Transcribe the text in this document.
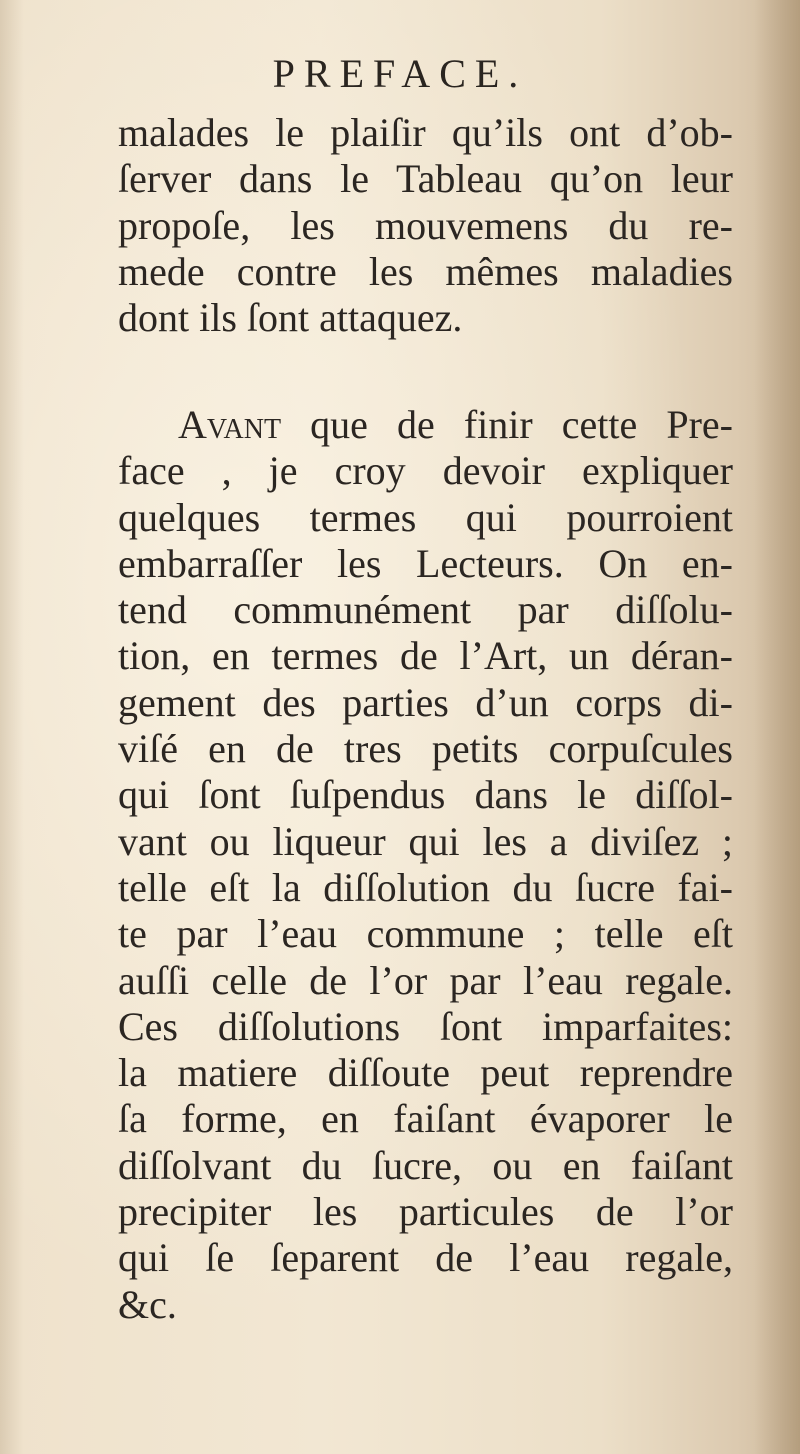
PREFACE.
malades le plaiſir qu’ils ont d’ob-
ſerver dans le Tableau qu’on leur
propoſe, les mouvemens du re-
mede contre les mêmes maladies
dont ils ſont attaquez.
Avant que de finir cette Pre-
face , je croy devoir expliquer
quelques termes qui pourroient
embarraſſer les Lecteurs. On en-
tend communément par diſſolu-
tion, en termes de l’Art, un déran-
gement des parties d’un corps di-
viſé en de tres petits corpuſcules
qui ſont ſuſpendus dans le diſſol-
vant ou liqueur qui les a diviſez ;
telle eſt la diſſolution du ſucre fai-
te par l’eau commune ; telle eſt
auſſi celle de l’or par l’eau regale.
Ces diſſolutions ſont imparfaites:
la matiere diſſoute peut reprendre
ſa forme, en faiſant évaporer le
diſſolvant du ſucre, ou en faiſant
precipiter les particules de l’or
qui ſe ſeparent de l’eau regale,
&c.
